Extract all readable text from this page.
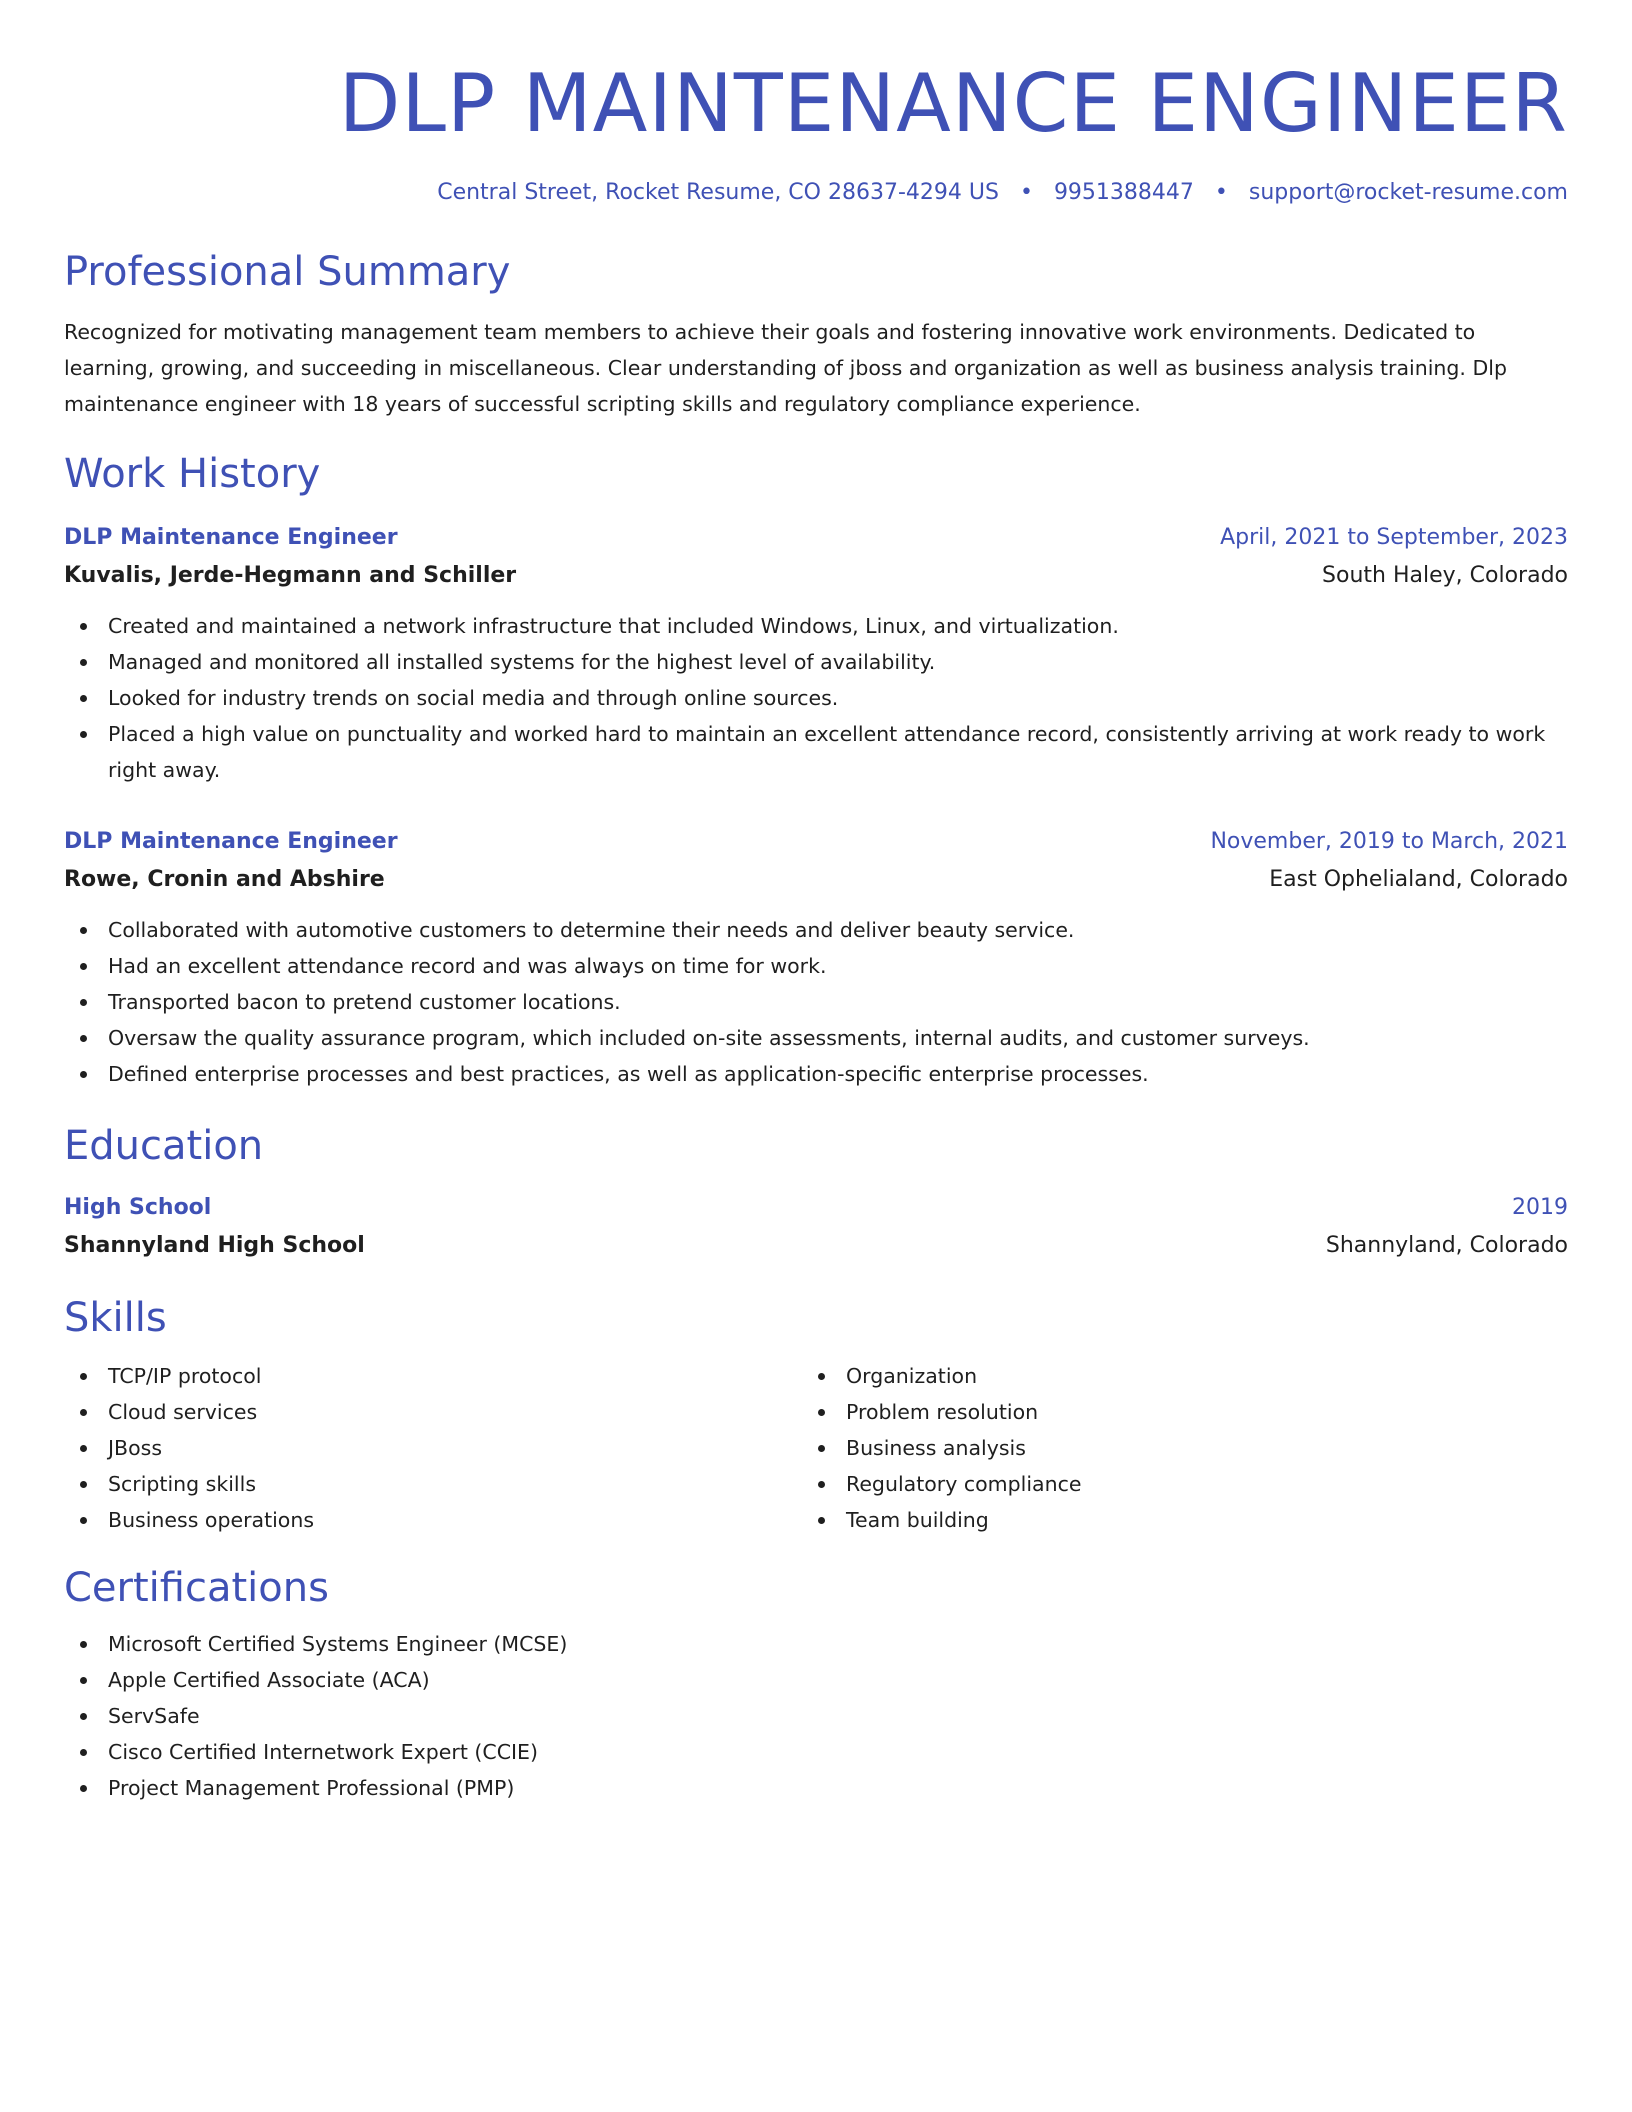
DLP MAINTENANCE ENGINEER
Central Street, Rocket Resume, CO 28637-4294 US • 9951388447 • support@rocket-resume.com
Professional Summary
Recognized for motivating management team members to achieve their goals and fostering innovative work environments. Dedicated to learning, growing, and succeeding in miscellaneous. Clear understanding of jboss and organization as well as business analysis training. Dlp maintenance engineer with 18 years of successful scripting skills and regulatory compliance experience.
Work History
DLP Maintenance Engineer	April, 2021 to September, 2023
Kuvalis, Jerde-Hegmann and Schiller	South Haley, Colorado
Created and maintained a network infrastructure that included Windows, Linux, and virtualization.
Managed and monitored all installed systems for the highest level of availability.
Looked for industry trends on social media and through online sources.
Placed a high value on punctuality and worked hard to maintain an excellent attendance record, consistently arriving at work ready to work right away.
DLP Maintenance Engineer	November, 2019 to March, 2021
Rowe, Cronin and Abshire	East Ophelialand, Colorado
Collaborated with automotive customers to determine their needs and deliver beauty service.
Had an excellent attendance record and was always on time for work.
Transported bacon to pretend customer locations.
Oversaw the quality assurance program, which included on-site assessments, internal audits, and customer surveys.
Defined enterprise processes and best practices, as well as application-specific enterprise processes.
Education
High School	2019
Shannyland High School	Shannyland, Colorado
Skills
TCP/IP protocol
Cloud services
JBoss
Scripting skills
Business operations
Organization
Problem resolution
Business analysis
Regulatory compliance
Team building
Certifications
Microsoft Certified Systems Engineer (MCSE)
Apple Certified Associate (ACA)
ServSafe
Cisco Certified Internetwork Expert (CCIE)
Project Management Professional (PMP)
